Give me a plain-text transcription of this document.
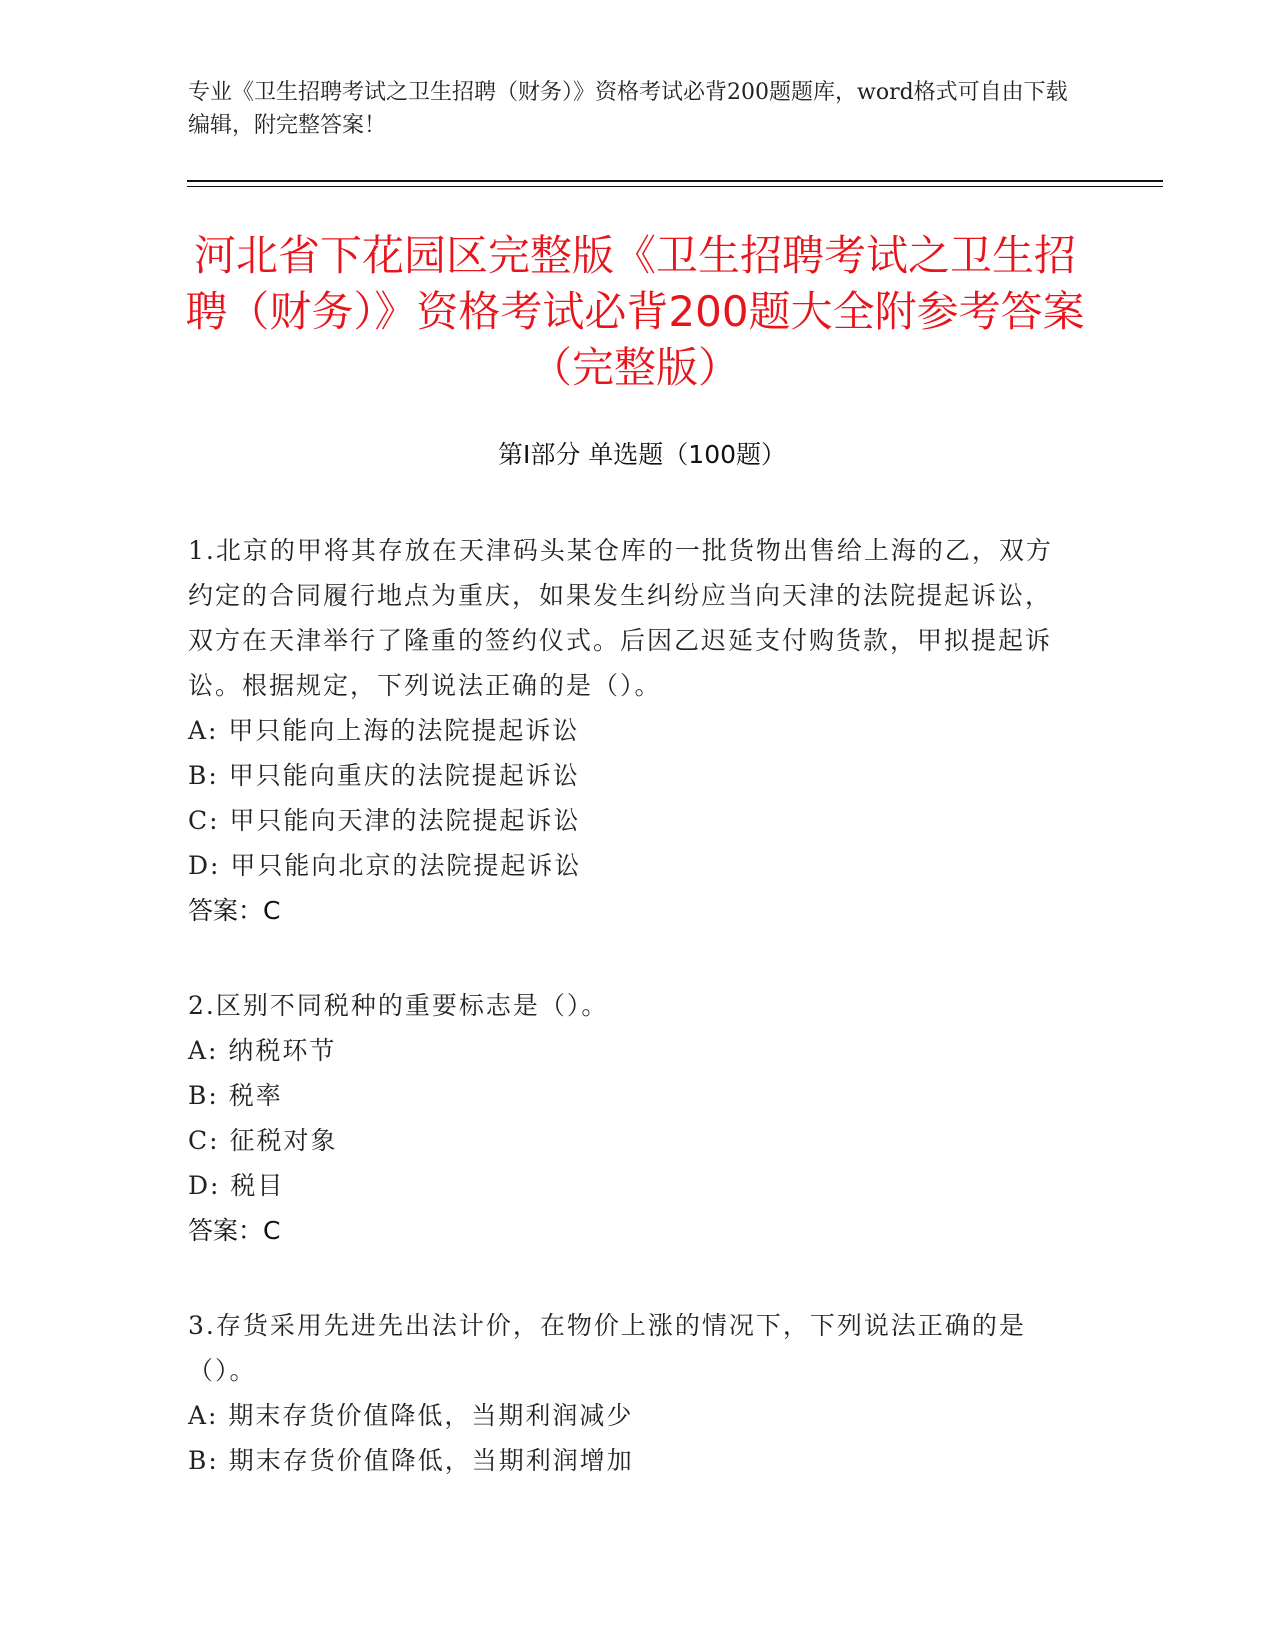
专业《卫生招聘考试之卫生招聘（财务）》资格考试必背200题题库，word格式可自由下载编辑，附完整答案！
河北省下花园区完整版《卫生招聘考试之卫生招聘（财务）》资格考试必背200题大全附参考答案（完整版）
第Ⅰ部分 单选题（100题）
1.北京的甲将其存放在天津码头某仓库的一批货物出售给上海的乙，双方约定的合同履行地点为重庆，如果发生纠纷应当向天津的法院提起诉讼，双方在天津举行了隆重的签约仪式。后因乙迟延支付购货款，甲拟提起诉讼。根据规定，下列说法正确的是（）。
A: 甲只能向上海的法院提起诉讼
B: 甲只能向重庆的法院提起诉讼
C: 甲只能向天津的法院提起诉讼
D: 甲只能向北京的法院提起诉讼
答案：C
2.区别不同税种的重要标志是（）。
A: 纳税环节
B: 税率
C: 征税对象
D: 税目
答案：C
3.存货采用先进先出法计价，在物价上涨的情况下，下列说法正确的是（）。
A: 期末存货价值降低，当期利润减少
B: 期末存货价值降低，当期利润增加
